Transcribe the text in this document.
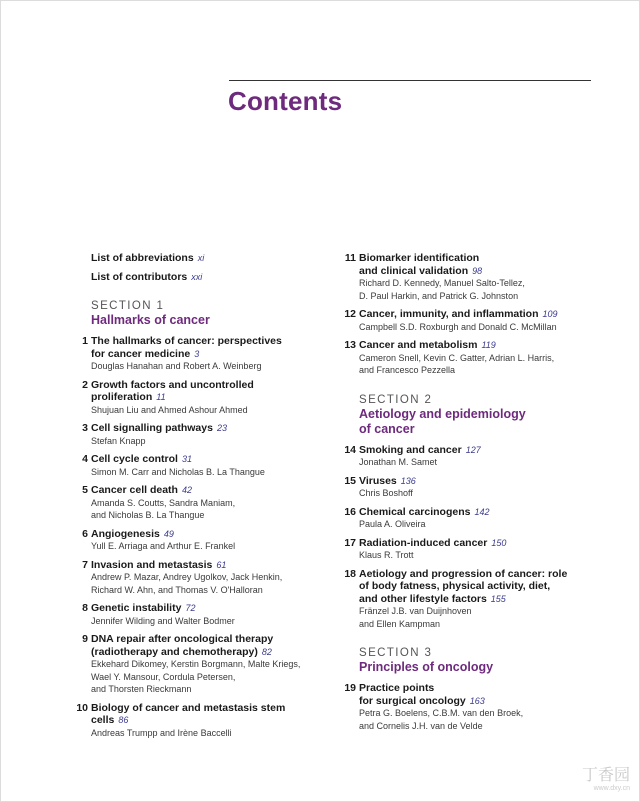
Contents
List of abbreviations xi
List of contributors xxi
SECTION 1
Hallmarks of cancer
1 The hallmarks of cancer: perspectives
for cancer medicine 3
Douglas Hanahan and Robert A. Weinberg
2 Growth factors and uncontrolled
proliferation 11
Shujuan Liu and Ahmed Ashour Ahmed
3 Cell signalling pathways 23
Stefan Knapp
4 Cell cycle control 31
Simon M. Carr and Nicholas B. La Thangue
5 Cancer cell death 42
Amanda S. Coutts, Sandra Maniam,
and Nicholas B. La Thangue
6 Angiogenesis 49
Yull E. Arriaga and Arthur E. Frankel
7 Invasion and metastasis 61
Andrew P. Mazar, Andrey Ugolkov, Jack Henkin,
Richard W. Ahn, and Thomas V. O'Halloran
8 Genetic instability 72
Jennifer Wilding and Walter Bodmer
9 DNA repair after oncological therapy
(radiotherapy and chemotherapy) 82
Ekkehard Dikomey, Kerstin Borgmann, Malte Kriegs,
Wael Y. Mansour, Cordula Petersen,
and Thorsten Rieckmann
10 Biology of cancer and metastasis stem cells 86
Andreas Trumpp and Irène Baccelli
11 Biomarker identification
and clinical validation 98
Richard D. Kennedy, Manuel Salto-Tellez,
D. Paul Harkin, and Patrick G. Johnston
12 Cancer, immunity, and inflammation 109
Campbell S.D. Roxburgh and Donald C. McMillan
13 Cancer and metabolism 119
Cameron Snell, Kevin C. Gatter, Adrian L. Harris,
and Francesco Pezzella
SECTION 2
Aetiology and epidemiology
of cancer
14 Smoking and cancer 127
Jonathan M. Samet
15 Viruses 136
Chris Boshoff
16 Chemical carcinogens 142
Paula A. Oliveira
17 Radiation-induced cancer 150
Klaus R. Trott
18 Aetiology and progression of cancer: role
of body fatness, physical activity, diet,
and other lifestyle factors 155
Fränzel J.B. van Duijnhoven
and Ellen Kampman
SECTION 3
Principles of oncology
19 Practice points
for surgical oncology 163
Petra G. Boelens, C.B.M. van den Broek,
and Cornelis J.H. van de Velde
丁香园
www.dxy.cn
